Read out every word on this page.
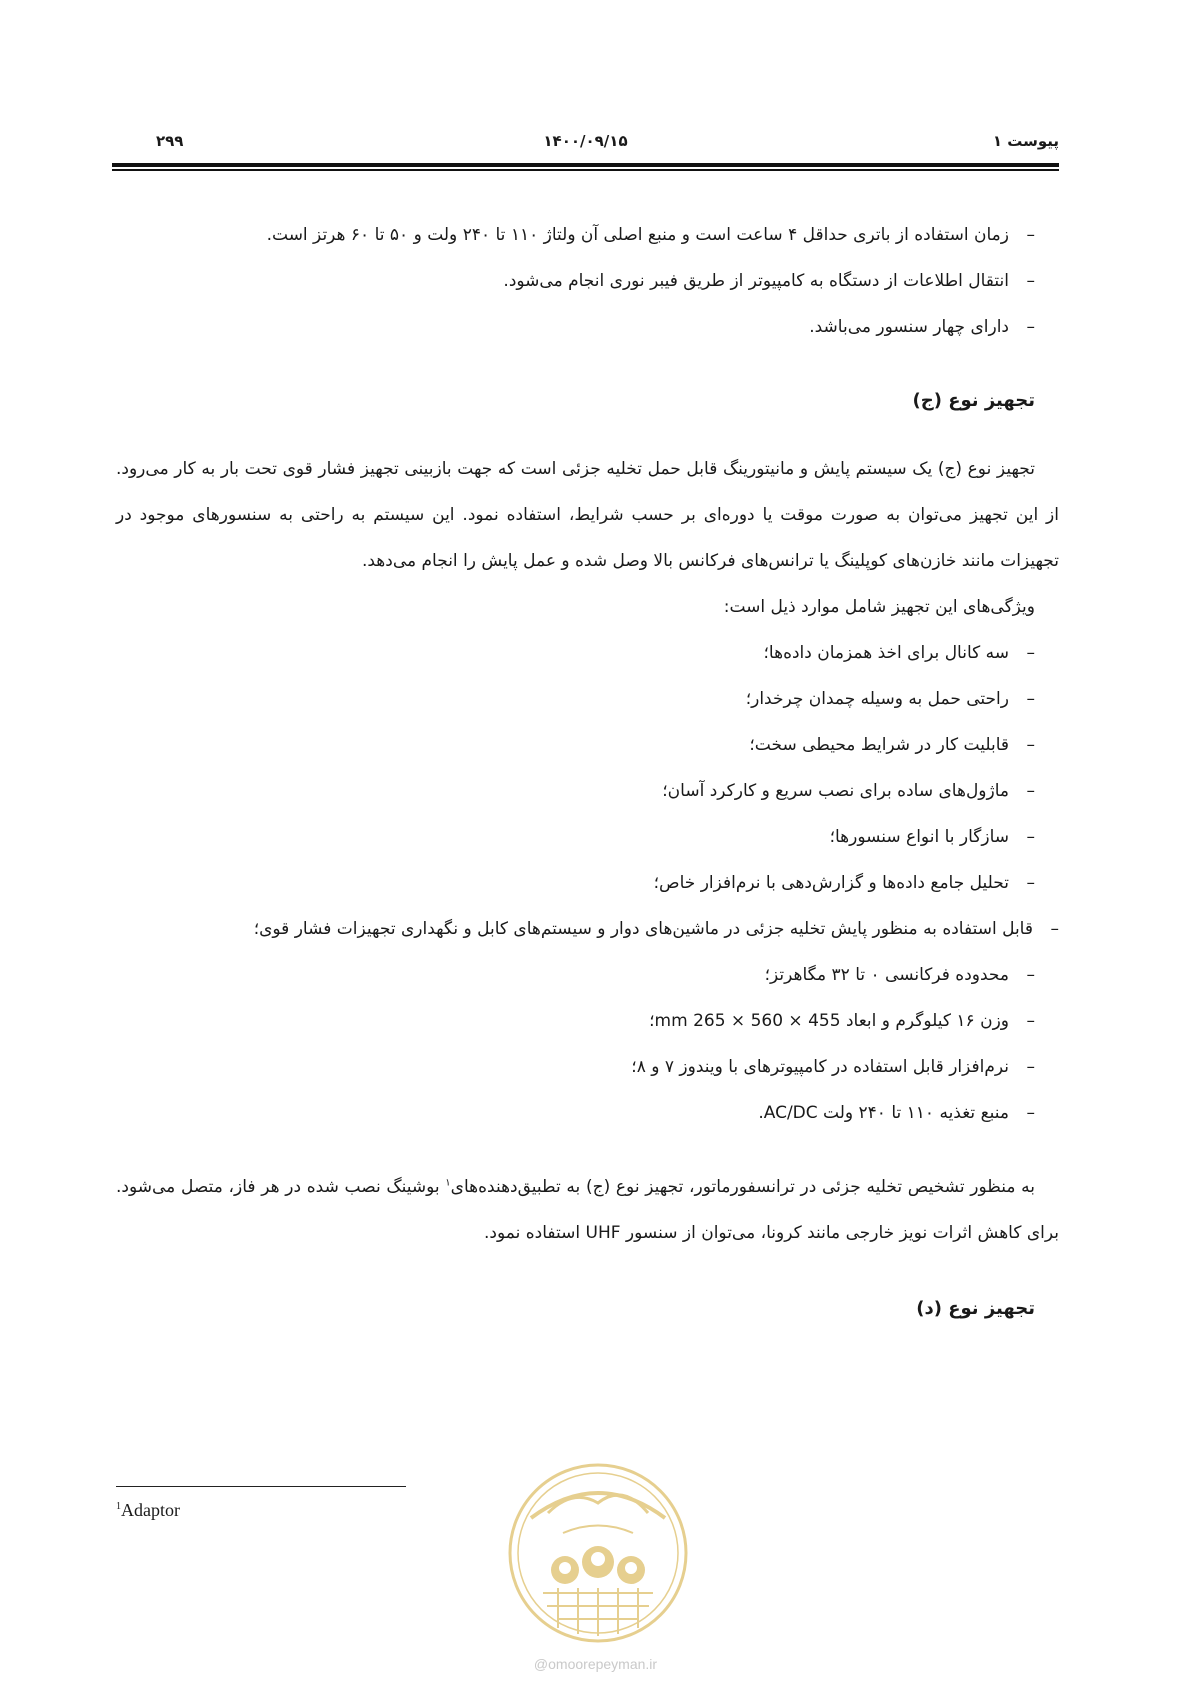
پیوست ۱
۱۴۰۰/۰۹/۱۵
۲۹۹
–زمان استفاده از باتری حداقل ۴ ساعت است و منبع اصلی آن ولتاژ ۱۱۰ تا ۲۴۰ ولت و ۵۰ تا ۶۰ هرتز است.
–انتقال اطلاعات از دستگاه به کامپیوتر از طریق فیبر نوری انجام می‌شود.
–دارای چهار سنسور می‌باشد.
تجهیز نوع (ج)

تجهیز نوع (ج) یک سیستم پایش و مانیتورینگ قابل حمل تخلیه جزئی است که جهت بازبینی تجهیز فشار قوی تحت بار به کار می‌رود. از این تجهیز می‌توان به صورت موقت یا دوره‌ای بر حسب شرایط، استفاده نمود. این سیستم به راحتی به سنسورهای موجود در تجهیزات مانند خازن‌های کوپلینگ یا ترانس‌های فرکانس بالا وصل شده و عمل پایش را انجام می‌دهد.

ویژگی‌های این تجهیز شامل موارد ذیل است:

–سه کانال برای اخذ همزمان داده‌ها؛
–راحتی حمل به وسیله چمدان چرخدار؛
–قابلیت کار در شرایط محیطی سخت؛
–ماژول‌های ساده برای نصب سریع و کارکرد آسان؛
–سازگار با انواع سنسورها؛
–تحلیل جامع داده‌ها و گزارش‌دهی با نرم‌افزار خاص؛
–قابل استفاده به منظور پایش تخلیه جزئی در ماشین‌های دوار و سیستم‌های کابل و نگهداری تجهیزات فشار قوی؛
–محدوده فرکانسی ۰ تا ۳۲ مگاهرتز؛
–وزن ۱۶ کیلوگرم و ابعاد 455 × 560 × 265 mm؛
–نرم‌افزار قابل استفاده در کامپیوترهای با ویندوز ۷ و ۸؛
–منبع تغذیه ۱۱۰ تا ۲۴۰ ولت AC/DC.

به منظور تشخیص تخلیه جزئی در ترانسفورماتور، تجهیز نوع (ج) به تطبیق‌دهنده‌های$^۱$ بوشینگ نصب شده در هر فاز، متصل می‌شود. برای کاهش اثرات نویز خارجی مانند کرونا، می‌توان از سنسور UHF استفاده نمود.

تجهیز نوع (د)
$^1$Adaptor
@omoorepeyman.ir
